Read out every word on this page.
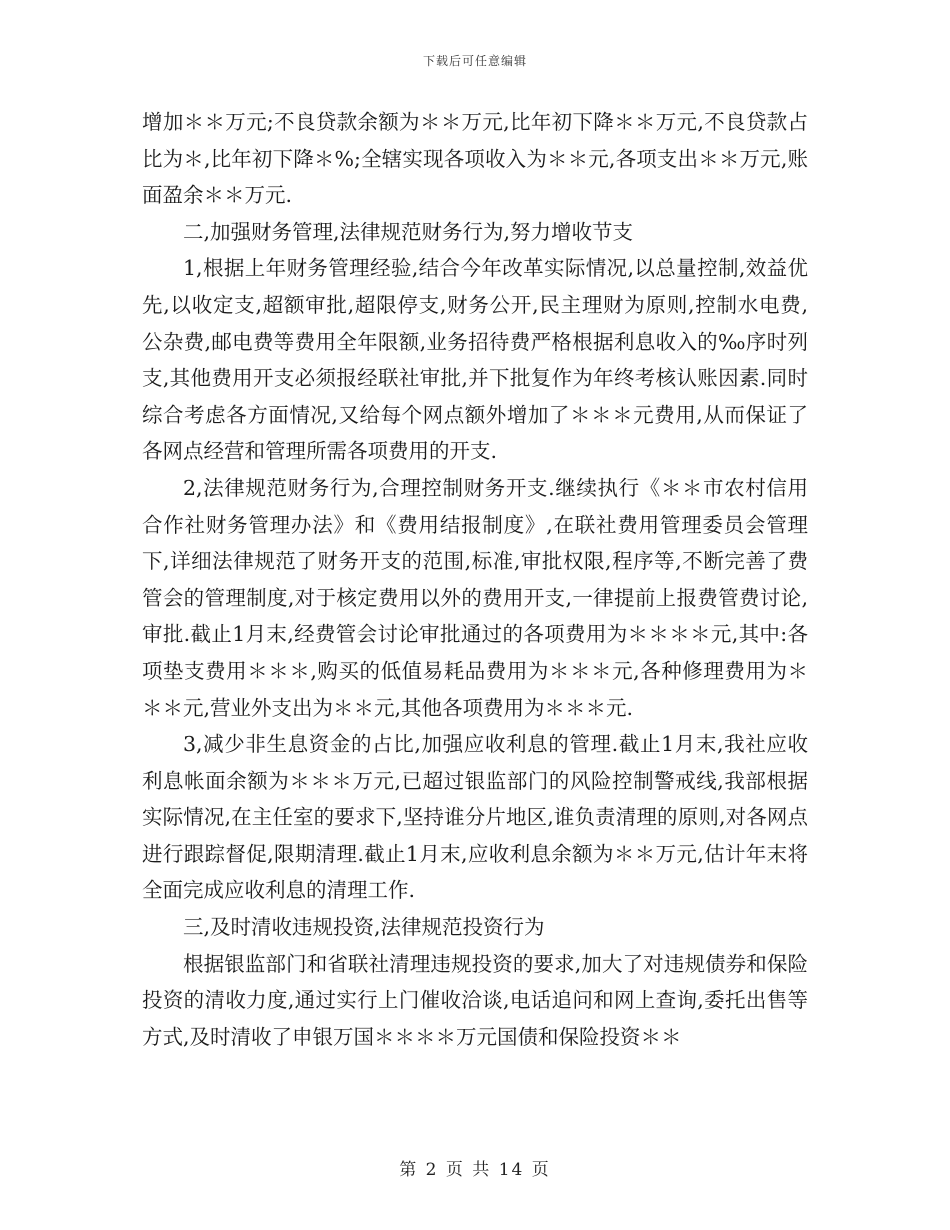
下载后可任意编辑

增加＊＊万元;不良贷款余额为＊＊万元,比年初下降＊＊万元,不良贷款占比为＊,比年初下降＊%;全辖实现各项收入为＊＊元,各项支出＊＊万元,账面盈余＊＊万元.

二,加强财务管理,法律规范财务行为,努力增收节支

1,根据上年财务管理经验,结合今年改革实际情况,以总量控制,效益优先,以收定支,超额审批,超限停支,财务公开,民主理财为原则,控制水电费, 公杂费,邮电费等费用全年限额,业务招待费严格根据利息收入的‰序时列支,其他费用开支必须报经联社审批,并下批复作为年终考核认账因素.同时综合考虑各方面情况,又给每个网点额外增加了＊＊＊元费用,从而保证了各网点经营和管理所需各项费用的开支.

2,法律规范财务行为,合理控制财务开支.继续执行《＊＊市农村信用合作社财务管理办法》和《费用结报制度》,在联社费用管理委员会管理下,详细法律规范了财务开支的范围,标准,审批权限,程序等,不断完善了费管会的管理制度,对于核定费用以外的费用开支,一律提前上报费管费讨论,审批.截止1月末,经费管会讨论审批通过的各项费用为＊＊＊＊元,其中:各项垫支费用＊＊＊,购买的低值易耗品费用为＊＊＊元,各种修理费用为＊＊＊元,营业外支出为＊＊元,其他各项费用为＊＊＊元.

3,减少非生息资金的占比,加强应收利息的管理.截止1月末,我社应收利息帐面余额为＊＊＊万元,已超过银监部门的风险控制警戒线,我部根据实际情况,在主任室的要求下,坚持谁分片地区,谁负责清理的原则,对各网点进行跟踪督促,限期清理.截止1月末,应收利息余额为＊＊万元,估计年末将全面完成应收利息的清理工作.

三,及时清收违规投资,法律规范投资行为

根据银监部门和省联社清理违规投资的要求,加大了对违规债券和保险投资的清收力度,通过实行上门催收洽谈,电话追问和网上查询,委托出售等方式,及时清收了申银万国＊＊＊＊万元国债和保险投资＊＊

第 2 页 共 14 页
